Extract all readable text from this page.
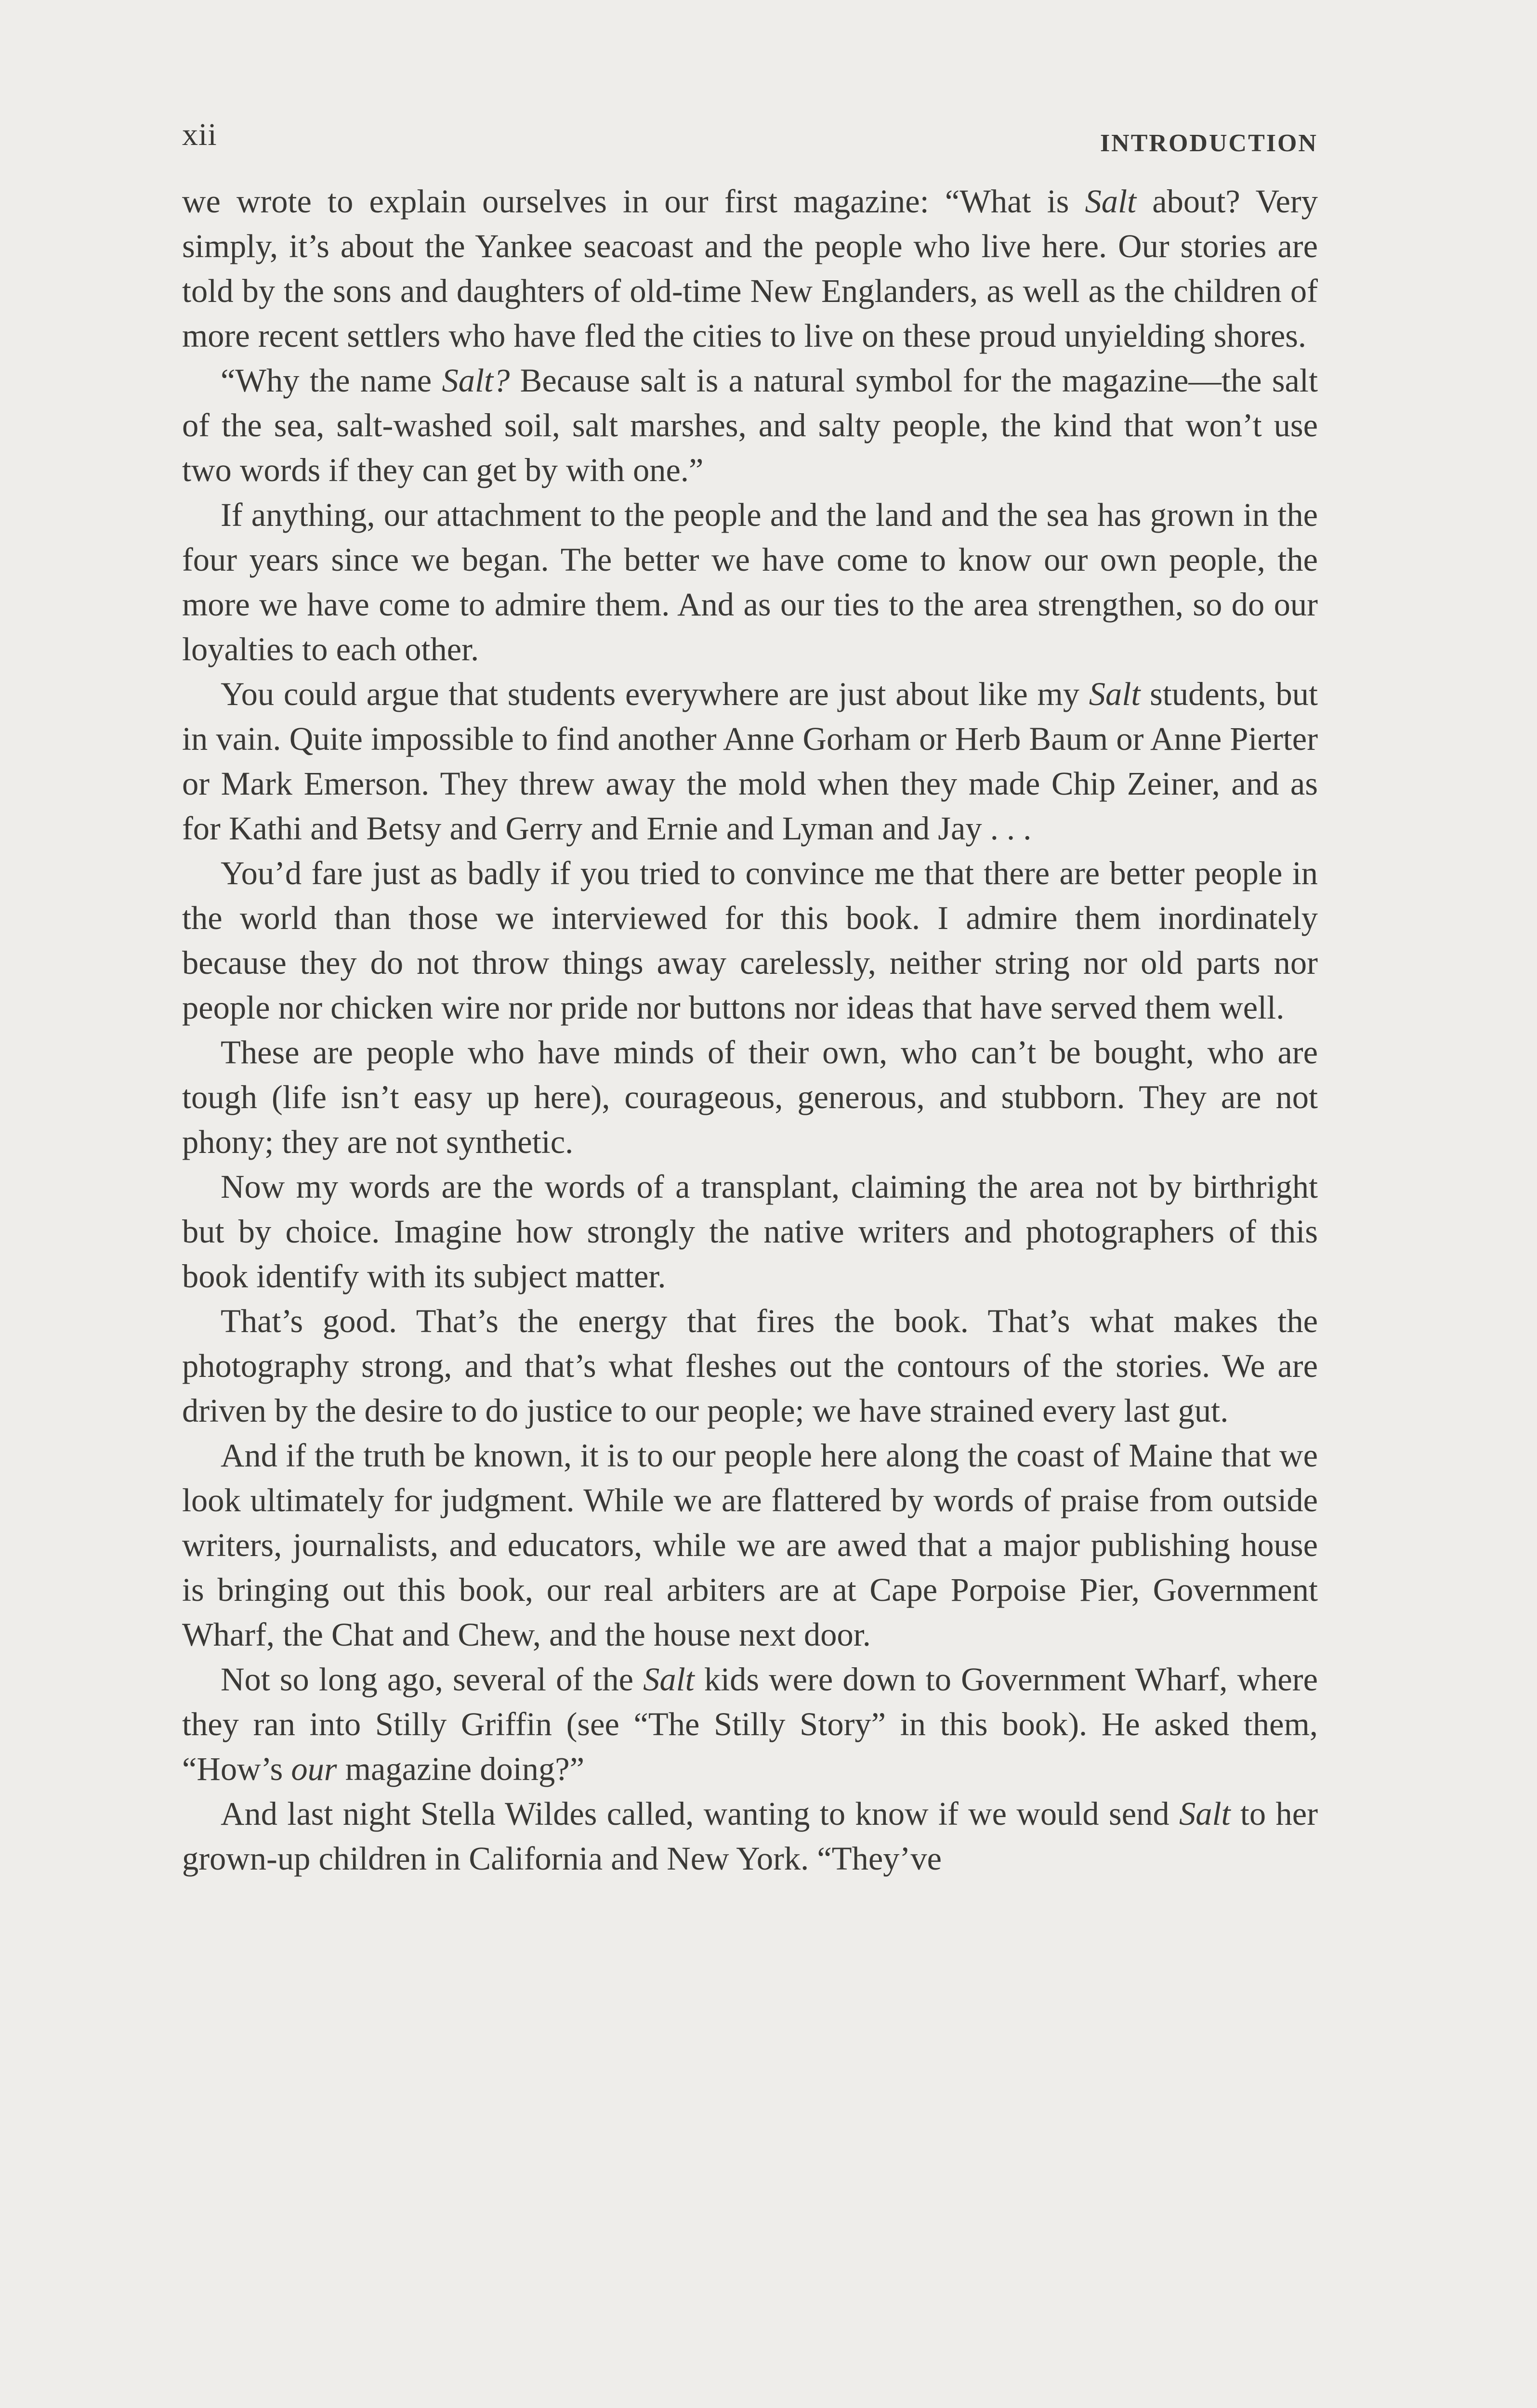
xii	INTRODUCTION

we wrote to explain ourselves in our first magazine: “What is Salt about? Very simply, it’s about the Yankee seacoast and the people who live here. Our stories are told by the sons and daughters of old-time New Englanders, as well as the children of more recent settlers who have fled the cities to live on these proud unyielding shores.

“Why the name Salt? Because salt is a natural symbol for the magazine—the salt of the sea, salt-washed soil, salt marshes, and salty people, the kind that won’t use two words if they can get by with one.”

If anything, our attachment to the people and the land and the sea has grown in the four years since we began. The better we have come to know our own people, the more we have come to admire them. And as our ties to the area strengthen, so do our loyalties to each other.

You could argue that students everywhere are just about like my Salt students, but in vain. Quite impossible to find another Anne Gorham or Herb Baum or Anne Pierter or Mark Emerson. They threw away the mold when they made Chip Zeiner, and as for Kathi and Betsy and Gerry and Ernie and Lyman and Jay . . .

You’d fare just as badly if you tried to convince me that there are better people in the world than those we interviewed for this book. I admire them inordinately because they do not throw things away carelessly, neither string nor old parts nor people nor chicken wire nor pride nor buttons nor ideas that have served them well.

These are people who have minds of their own, who can’t be bought, who are tough (life isn’t easy up here), courageous, generous, and stubborn. They are not phony; they are not synthetic.

Now my words are the words of a transplant, claiming the area not by birthright but by choice. Imagine how strongly the native writers and photographers of this book identify with its subject matter.

That’s good. That’s the energy that fires the book. That’s what makes the photography strong, and that’s what fleshes out the contours of the stories. We are driven by the desire to do justice to our people; we have strained every last gut.

And if the truth be known, it is to our people here along the coast of Maine that we look ultimately for judgment. While we are flattered by words of praise from outside writers, journalists, and educators, while we are awed that a major publishing house is bringing out this book, our real arbiters are at Cape Porpoise Pier, Government Wharf, the Chat and Chew, and the house next door.

Not so long ago, several of the Salt kids were down to Government Wharf, where they ran into Stilly Griffin (see “The Stilly Story” in this book). He asked them, “How’s our magazine doing?”

And last night Stella Wildes called, wanting to know if we would send Salt to her grown-up children in California and New York. “They’ve
